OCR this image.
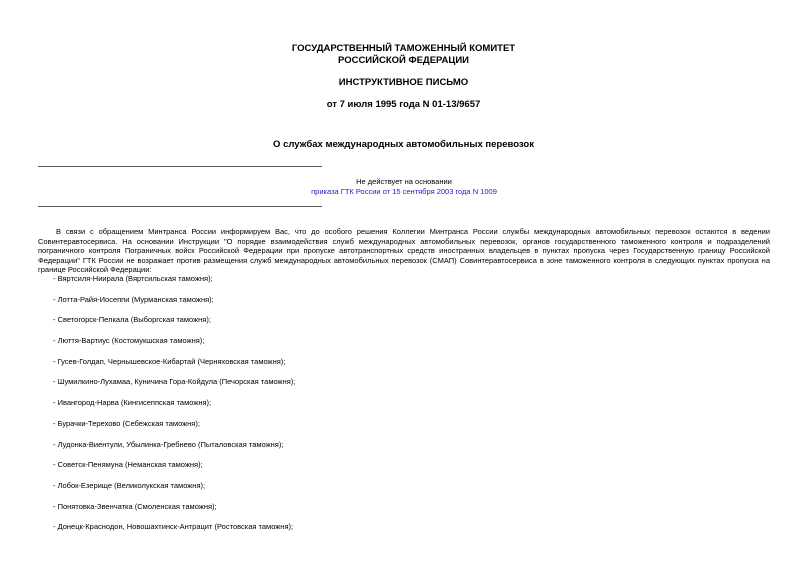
ГОСУДАРСТВЕННЫЙ ТАМОЖЕННЫЙ КОМИТЕТ
РОССИЙСКОЙ ФЕДЕРАЦИИ
ИНСТРУКТИВНОЕ ПИСЬМО
от 7 июля 1995 года N 01-13/9657
О службах международных автомобильных перевозок
Не действует на основании
приказа ГТК России от 15 сентября 2003 года N 1009

В связи с обращением Минтранса России информируем Вас, что до особого решения Коллегии Минтранса России службы международных автомобильных перевозок остаются в ведении Совинтеравтосервиса. На основании Инструкции "О порядке взаимодействия служб международных автомобильных перевозок, органов государственного таможенного контроля и подразделений пограничного контроля Пограничных войск Российской Федерации при пропуске автотранспортных средств иностранных владельцев в пунктах пропуска через Государственную границу Российской Федерации" ГТК России не возражает против размещения служб международных автомобильных перевозок (СМАП) Совинтеравтосервиса в зоне таможенного контроля в следующих пунктах пропуска на границе Российской Федерации:

- Вяртсиля-Ниирала (Вяртсильская таможня);
- Лотта-Райя-Иосеппи (Мурманская таможня);
- Светогорск-Пелкала (Выборгская таможня);
- Люття-Вартиус (Костомукшская таможня);
- Гусев-Голдап, Чернышевское-Кибартай (Черняховская таможня);
- Шумилкино-Лухамаа, Куничина Гора-Койдула (Печорская таможня);
- Ивангород-Нарва (Кингисеппская таможня);
- Бурачки-Терехово (Себежская таможня);
- Лудонка-Виентули, Убылинка-Гребнево (Пыталовская таможня);
- Советск-Пенямуна (Неманская таможня);
- Лобок-Езерище (Великолукская таможня);
- Понятовка-Звенчатка (Смоленская таможня);
- Донецк-Краснодон, Новошахтинск-Антрацит (Ростовская таможня);
